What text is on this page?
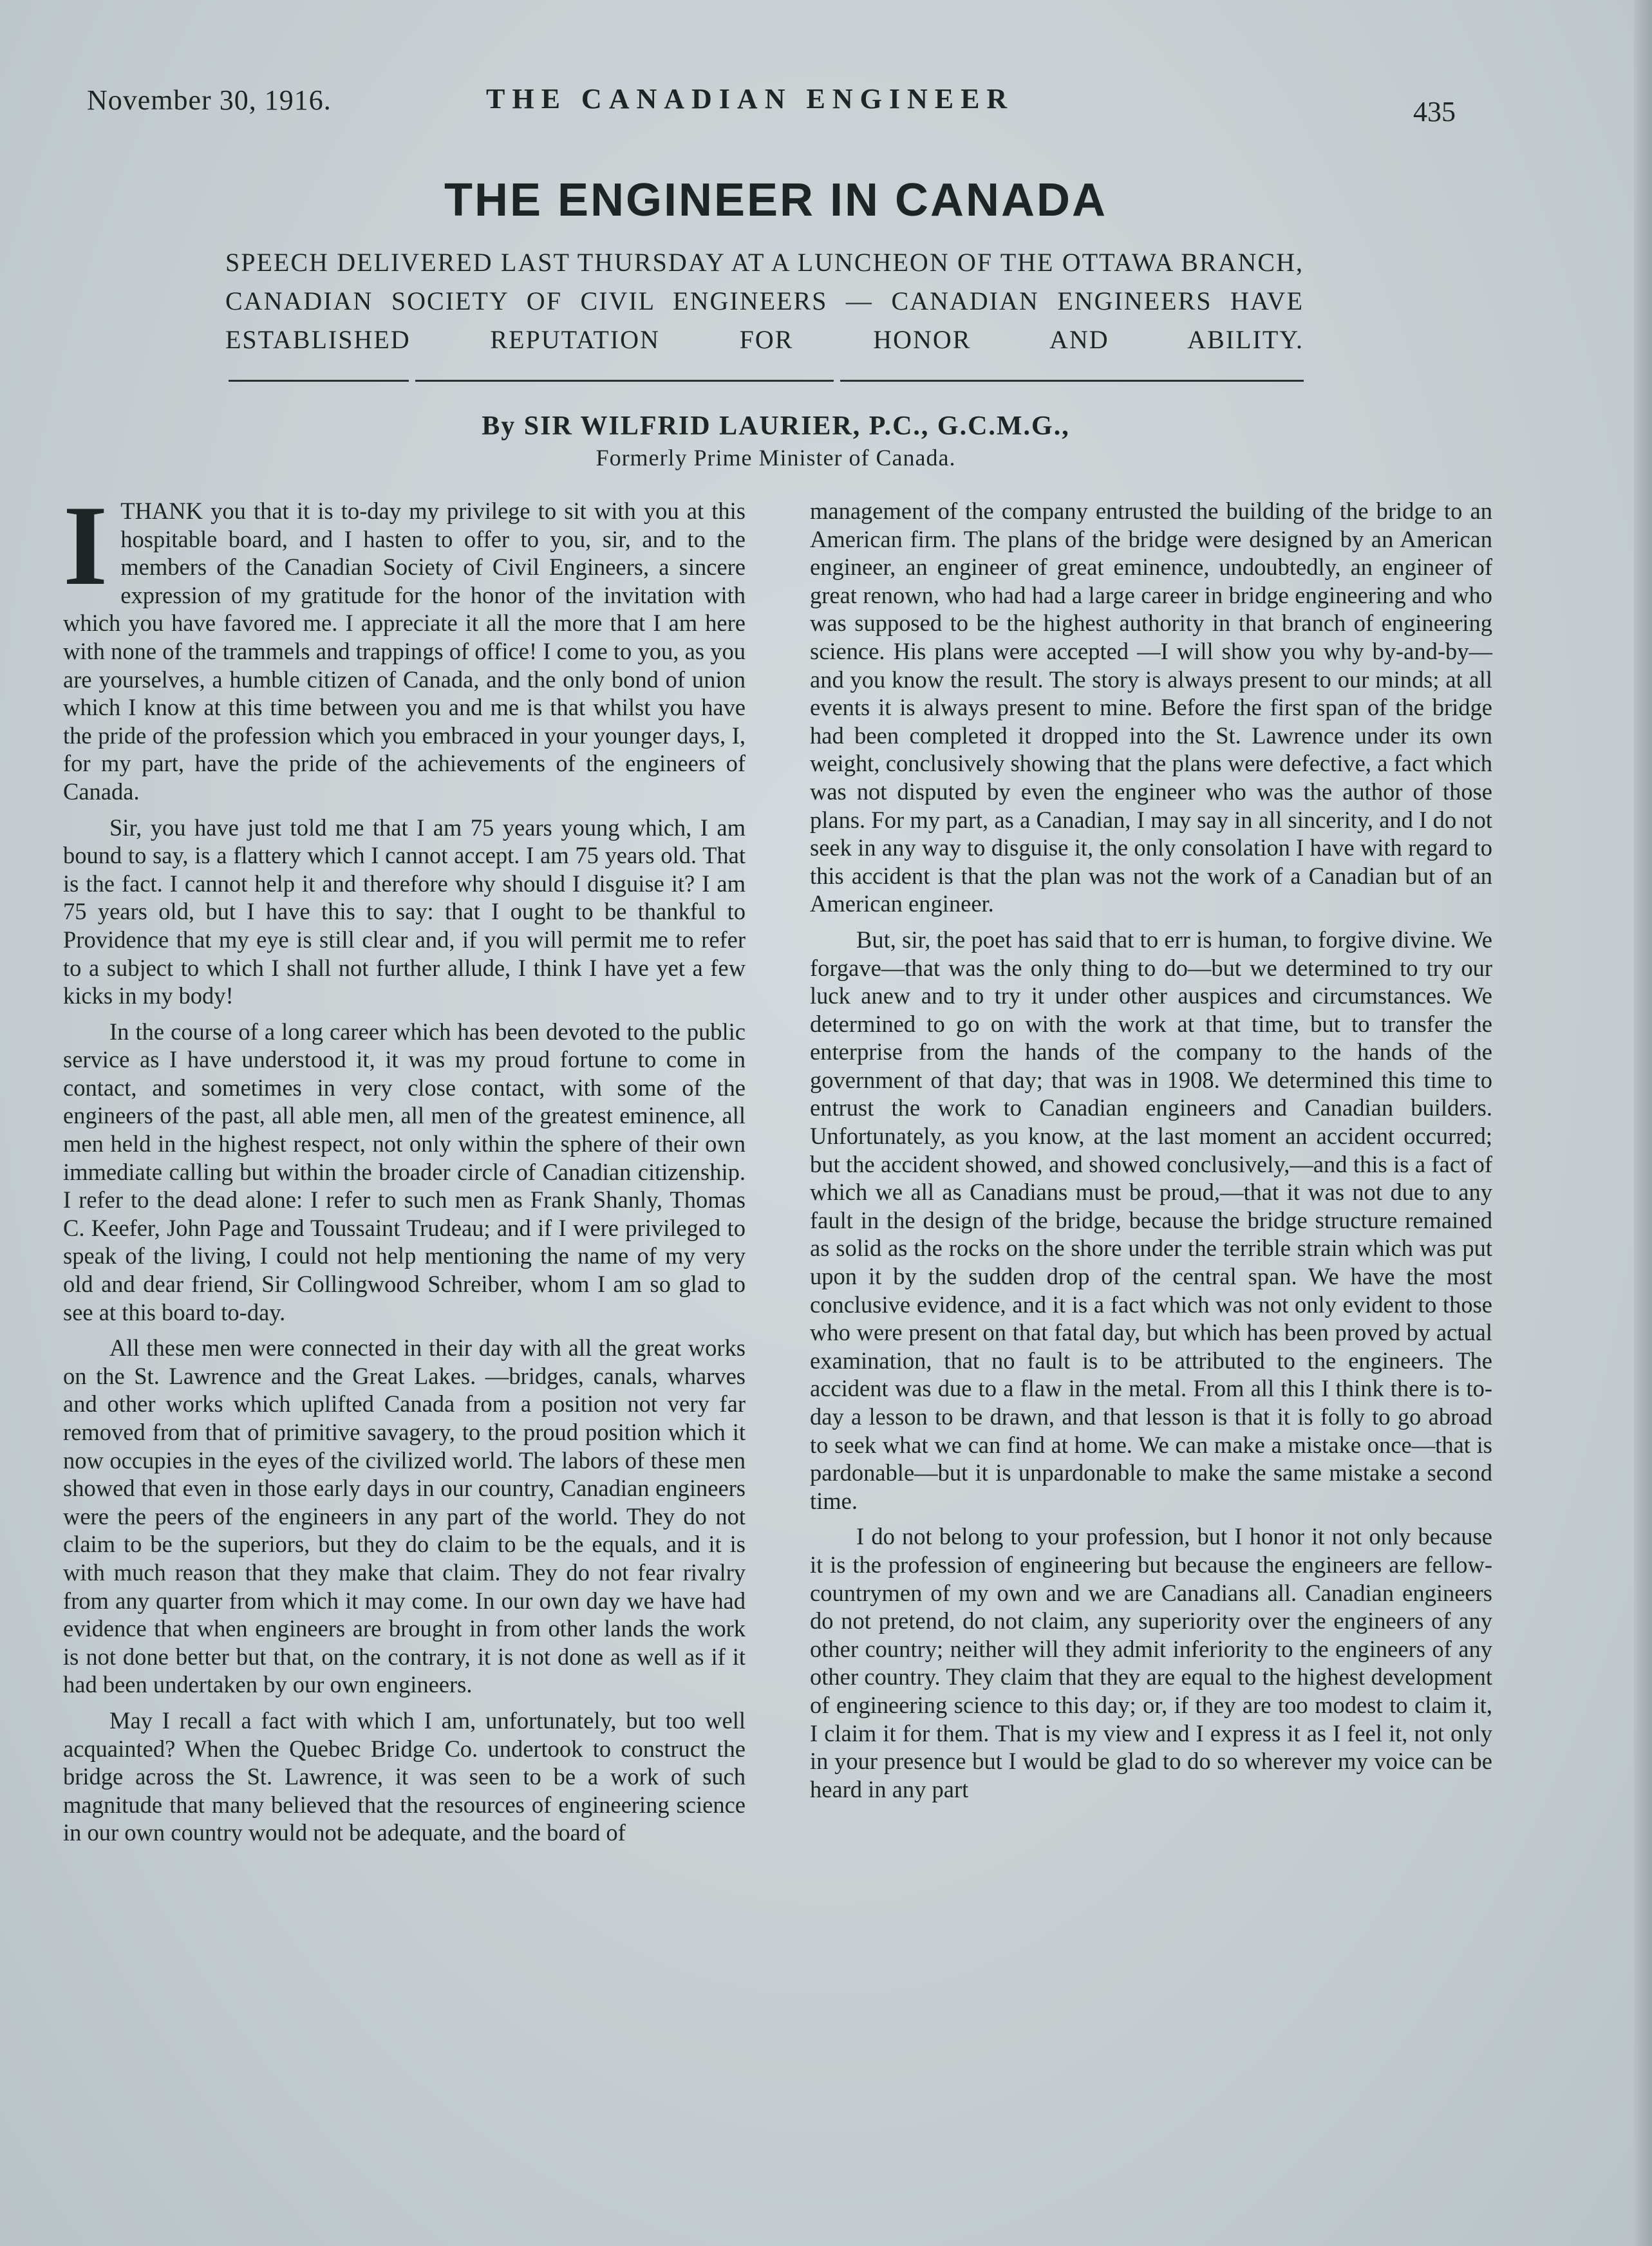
November 30, 1916.	THE CANADIAN ENGINEER	435
THE ENGINEER IN CANADA
SPEECH DELIVERED LAST THURSDAY AT A LUNCHEON OF THE OTTAWA BRANCH, CANADIAN SOCIETY OF CIVIL ENGINEERS — CANADIAN ENGINEERS HAVE ESTABLISHED REPUTATION FOR HONOR AND ABILITY.
By SIR WILFRID LAURIER, P.C., G.C.M.G.,
Formerly Prime Minister of Canada.

I THANK you that it is to-day my privilege to sit with you at this hospitable board, and I hasten to offer to you, sir, and to the members of the Canadian Society of Civil Engineers, a sincere expression of my gratitude for the honor of the invitation with which you have favored me. I appreciate it all the more that I am here with none of the trammels and trappings of office! I come to you, as you are yourselves, a humble citizen of Canada, and the only bond of union which I know at this time between you and me is that whilst you have the pride of the profession which you embraced in your younger days, I, for my part, have the pride of the achievements of the engineers of Canada.

Sir, you have just told me that I am 75 years young which, I am bound to say, is a flattery which I cannot accept. I am 75 years old. That is the fact. I cannot help it and therefore why should I disguise it? I am 75 years old, but I have this to say: that I ought to be thankful to Providence that my eye is still clear and, if you will permit me to refer to a subject to which I shall not further allude, I think I have yet a few kicks in my body!

In the course of a long career which has been devoted to the public service as I have understood it, it was my proud fortune to come in contact, and sometimes in very close contact, with some of the engineers of the past, all able men, all men of the greatest eminence, all men held in the highest respect, not only within the sphere of their own immediate calling but within the broader circle of Canadian citizenship. I refer to the dead alone: I refer to such men as Frank Shanly, Thomas C. Keefer, John Page and Toussaint Trudeau; and if I were privileged to speak of the living, I could not help mentioning the name of my very old and dear friend, Sir Collingwood Schreiber, whom I am so glad to see at this board to-day.

All these men were connected in their day with all the great works on the St. Lawrence and the Great Lakes. —bridges, canals, wharves and other works which uplifted Canada from a position not very far removed from that of primitive savagery, to the proud position which it now occupies in the eyes of the civilized world. The labors of these men showed that even in those early days in our country, Canadian engineers were the peers of the engineers in any part of the world. They do not claim to be the superiors, but they do claim to be the equals, and it is with much reason that they make that claim. They do not fear rivalry from any quarter from which it may come. In our own day we have had evidence that when engineers are brought in from other lands the work is not done better but that, on the contrary, it is not done as well as if it had been undertaken by our own engineers.

May I recall a fact with which I am, unfortunately, but too well acquainted? When the Quebec Bridge Co. undertook to construct the bridge across the St. Lawrence, it was seen to be a work of such magnitude that many believed that the resources of engineering science in our own country would not be adequate, and the board of

management of the company entrusted the building of the bridge to an American firm. The plans of the bridge were designed by an American engineer, an engineer of great eminence, undoubtedly, an engineer of great renown, who had had a large career in bridge engineering and who was supposed to be the highest authority in that branch of engineering science. His plans were accepted —I will show you why by-and-by—and you know the result. The story is always present to our minds; at all events it is always present to mine. Before the first span of the bridge had been completed it dropped into the St. Lawrence under its own weight, conclusively showing that the plans were defective, a fact which was not disputed by even the engineer who was the author of those plans. For my part, as a Canadian, I may say in all sincerity, and I do not seek in any way to disguise it, the only consolation I have with regard to this accident is that the plan was not the work of a Canadian but of an American engineer.

But, sir, the poet has said that to err is human, to forgive divine. We forgave—that was the only thing to do—but we determined to try our luck anew and to try it under other auspices and circumstances. We determined to go on with the work at that time, but to transfer the enterprise from the hands of the company to the hands of the government of that day; that was in 1908. We determined this time to entrust the work to Canadian engineers and Canadian builders. Unfortunately, as you know, at the last moment an accident occurred; but the accident showed, and showed conclusively,—and this is a fact of which we all as Canadians must be proud,—that it was not due to any fault in the design of the bridge, because the bridge structure remained as solid as the rocks on the shore under the terrible strain which was put upon it by the sudden drop of the central span. We have the most conclusive evidence, and it is a fact which was not only evident to those who were present on that fatal day, but which has been proved by actual examination, that no fault is to be attributed to the engineers. The accident was due to a flaw in the metal. From all this I think there is to-day a lesson to be drawn, and that lesson is that it is folly to go abroad to seek what we can find at home. We can make a mistake once—that is pardonable—but it is unpardonable to make the same mistake a second time.

I do not belong to your profession, but I honor it not only because it is the profession of engineering but because the engineers are fellow-countrymen of my own and we are Canadians all. Canadian engineers do not pretend, do not claim, any superiority over the engineers of any other country; neither will they admit inferiority to the engineers of any other country. They claim that they are equal to the highest development of engineering science to this day; or, if they are too modest to claim it, I claim it for them. That is my view and I express it as I feel it, not only in your presence but I would be glad to do so wherever my voice can be heard in any part
